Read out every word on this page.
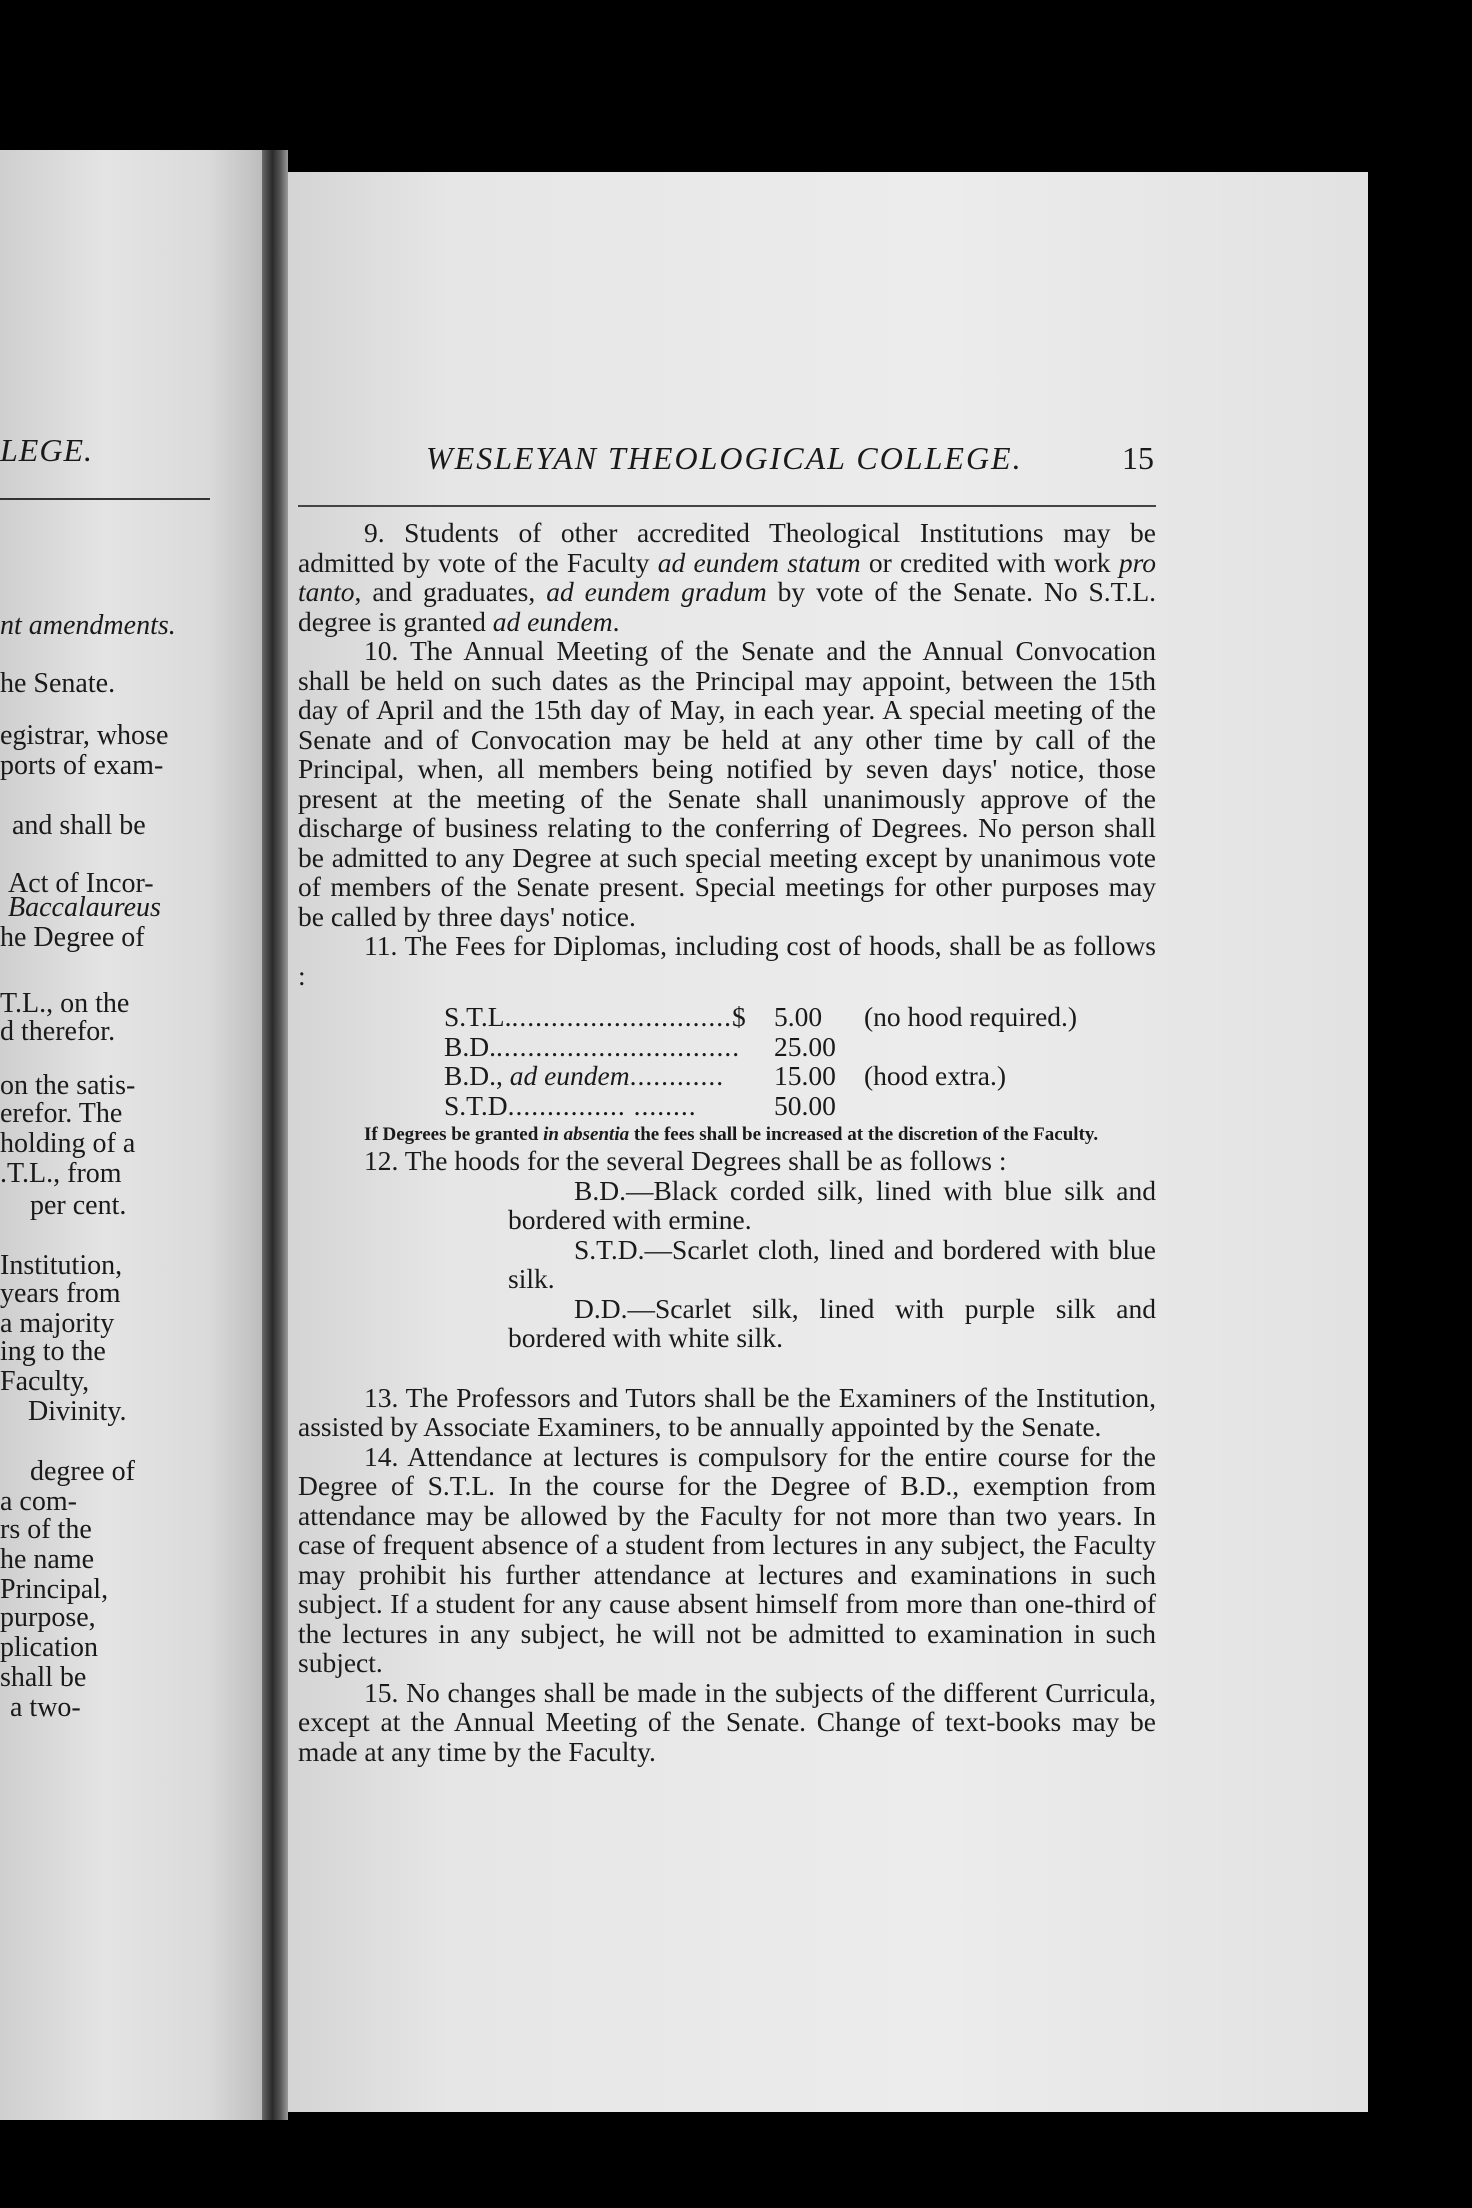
LEGE.
nt amendments.
he Senate.
egistrar, whose
ports of exam-
and shall be
Act of Incor-
Baccalaureus
he Degree of
T.L., on the
d therefor.
on the satis-
erefor. The
holding of a
.T.L., from
per cent.
Institution,
years from
a majority
ing to the
Faculty,
Divinity.
degree of
a com-
rs of the
he name
Principal,
purpose,
plication
shall be
a two-
WESLEYAN THEOLOGICAL COLLEGE.	15

9. Students of other accredited Theological Institutions may be admitted by vote of the Faculty ad eundem statum or credited with work pro tanto, and graduates, ad eundem gradum by vote of the Senate. No S.T.L. degree is granted ad eundem.

10. The Annual Meeting of the Senate and the Annual Convocation shall be held on such dates as the Principal may appoint, between the 15th day of April and the 15th day of May, in each year. A special meeting of the Senate and of Convocation may be held at any other time by call of the Principal, when, all members being notified by seven days' notice, those present at the meeting of the Senate shall unanimously approve of the discharge of business relating to the conferring of Degrees. No person shall be admitted to any Degree at such special meeting except by unanimous vote of members of the Senate present. Special meetings for other purposes may be called by three days' notice.

11. The Fees for Diplomas, including cost of hoods, shall be as follows :

S.T.L.............................$ 5.00	(no hood required.)
B.D................................	25.00
B.D., ad eundem............	15.00	(hood extra.)
S.T.D............... ........	50.00

If Degrees be granted in absentia the fees shall be increased at the discretion of the Faculty.

12. The hoods for the several Degrees shall be as follows :

B.D.—Black corded silk, lined with blue silk and bordered with ermine.

S.T.D.—Scarlet cloth, lined and bordered with blue silk.

D.D.—Scarlet silk, lined with purple silk and bordered with white silk.

13. The Professors and Tutors shall be the Examiners of the Institution, assisted by Associate Examiners, to be annually appointed by the Senate.

14. Attendance at lectures is compulsory for the entire course for the Degree of S.T.L. In the course for the Degree of B.D., exemption from attendance may be allowed by the Faculty for not more than two years. In case of frequent absence of a student from lectures in any subject, the Faculty may prohibit his further attendance at lectures and examinations in such subject. If a student for any cause absent himself from more than one-third of the lectures in any subject, he will not be admitted to examination in such subject.

15. No changes shall be made in the subjects of the different Curricula, except at the Annual Meeting of the Senate. Change of text-books may be made at any time by the Faculty.
